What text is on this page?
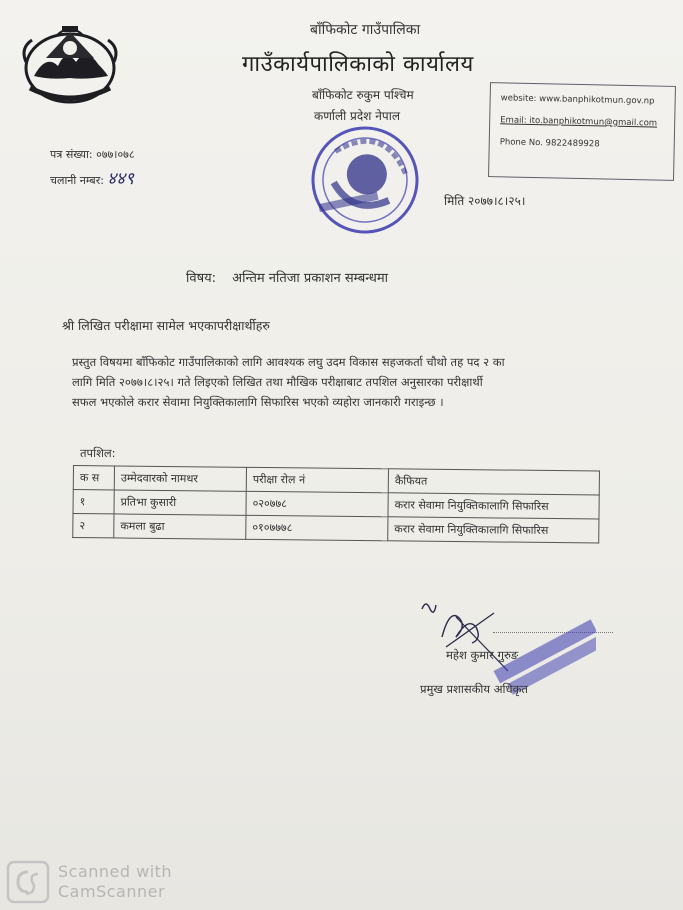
बाँफिकोट गाउँपालिका
गाउँकार्यपालिकाको कार्यालय
बाँफिकोट रुकुम पश्चिम
कर्णाली प्रदेश नेपाल
website: www.banphikotmun.gov.np
Email: ito.banphikotmun@gmail.com
Phone No. 9822489928
पत्र संख्या: ०७७।०७८
चलानी नम्बर: ४४९
मिति २०७७।८।२५।
विषय: अन्तिम नतिजा प्रकाशन सम्बन्धमा
श्री लिखित परीक्षामा सामेल भएकापरीक्षार्थीहरु
प्रस्तुत विषयमा बाँफिकोट गाउँपालिकाको लागि आवश्यक लघु उदम विकास सहजकर्ता चौथो तह पद २ का
लागि मिति २०७७।८।२५। गते लिइएको लिखित तथा मौखिक परीक्षाबाट तपशिल अनुसारका परीक्षार्थी
सफल भएकोले करार सेवामा नियुक्तिकालागि सिफारिस भएको व्यहोरा जानकारी गराइन्छ ।
तपशिल:
क स	उम्मेदवारको नामथर	परीक्षा रोल नं	कैफियत
१	प्रतिभा कुसारी	०२०७७८	करार सेवामा नियुक्तिकालागि सिफारिस
२	कमला बुढा	०१०७७७८	करार सेवामा नियुक्तिकालागि सिफारिस
महेश कुमार गुरुङ
प्रमुख प्रशासकीय अधिकृत
Scanned with
CamScanner
